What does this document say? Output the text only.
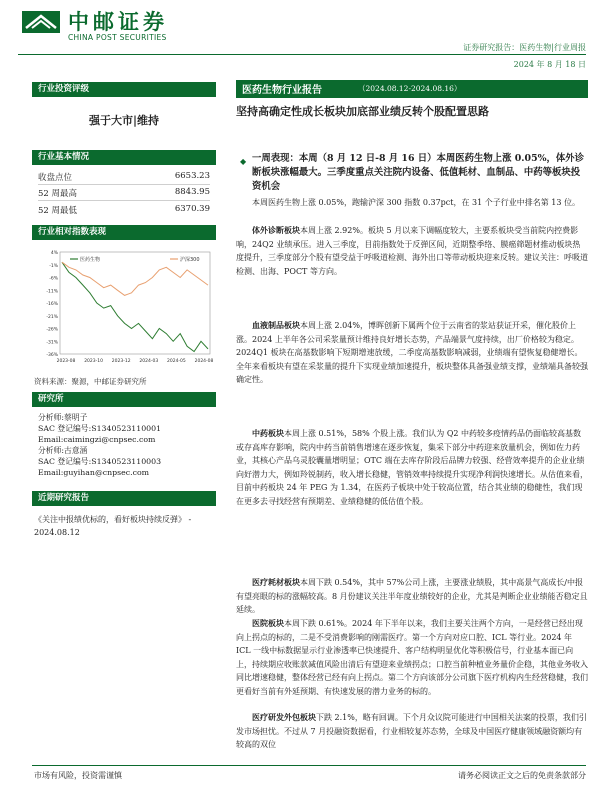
中邮证券
CHINA POST SECURITIES
证券研究报告：医药生物|行业周报
2024 年 8 月 18 日
行业投资评级
强于大市|维持
行业基本情况
收盘点位	6653.23
52 周最高	8843.95
52 周最低	6370.39
行业相对指数表现
4%
-1%
-6%
-11%
-16%
-21%
-26%
-31%
-36%
2023-08 2023-10 2023-12 2024-03 2024-05 2024-08
医药生物	沪深300
资料来源：聚源，中邮证券研究所
研究所
分析师:蔡明子
SAC 登记编号:S1340523110001
Email:caimingzi@cnpsec.com
分析师:古意涵
SAC 登记编号:S1340523110003
Email:guyihan@cnpsec.com
近期研究报告
《关注中报绩优标的，看好板块持续反弹》 - 2024.08.12
医药生物行业报告	（2024.08.12-2024.08.16）
坚持高确定性成长板块加底部业绩反转个股配置思路
◆ 一周表现：本周（8 月 12 日-8 月 16 日）本周医药生物上涨 0.05%，体外诊断板块涨幅最大。三季度重点关注院内设备、低值耗材、血制品、中药等板块投资机会
本周医药生物上涨 0.05%，跑输沪深 300 指数 0.37pct，在 31 个子行业中排名第 13 位。
体外诊断板块本周上涨 2.92%。板块 5 月以来下调幅度较大，主要系板块受当前院内控费影响，24Q2 业绩承压。进入三季度，目前指数处于反弹区间，近期整季络、膜癌筛题材推动板块热度提升，三季度部分个股有望受益于呼吸道检测、海外出口等带动板块迎来反转。建议关注：呼吸道检测、出海、POCT 等方向。
血液制品板块本周上涨 2.04%，博晖创新下属两个位于云南省的浆站获证开采，催化股价上涨。2024 上半年各公司采浆量预计维持良好增长态势，产品端景气度持续，出厂价格较为稳定。2024Q1 板块在高基数影响下短期增速放缓，二季度高基数影响减弱，业绩端有望恢复稳健增长。全年来看板块有望在采浆量的提升下实现业绩加速提升，板块整体具备强业绩支撑，业绩端具备较强确定性。
中药板块本周上涨 0.51%，58% 个股上涨。我们认为 Q2 中药较多疫情药品仍面临较高基数或存高库存影响，院内中药当前销售增速在逐步恢复，集采下部分中药迎来放量机会，例如佐力药业，其核心产品乌灵胶囊量增明显；OTC 端在去库存阶段后品牌力较强、经营效率提升的企业业绩向好潜力大，例如羚锐制药，收入增长稳健，管销效率持续提升实现净利润快速增长。从估值来看，目前中药板块 24 年 PEG 为 1.34，在医药子板块中处于较高位置，结合其业绩的稳健性，我们现在更多去寻找经营有预期差、业绩稳健的低估值个股。
医疗耗材板块本周下跌 0.54%，其中 57%公司上涨，主要涨业绩股，其中高景气高成长/中报有望亮眼的标的涨幅较高。8 月份建议关注半年度业绩较好的企业，尤其是判断企业业绩能否稳定且延续。
医院板块本周下跌 0.61%。2024 年下半年以来，我们主要关注两个方向，一是经营已经出现向上拐点的标的，二是不受消费影响的刚需医疗。第一个方向对应口腔、ICL 等行业。2024 年 ICL 一线中标数据显示行业渗透率已快速提升、客户结构明显优化等积极信号，行业基本面已向上，持续期应收账款减值风险出清后有望迎来业绩拐点；口腔当前种植业务量价企稳，其他业务收入同比增速稳健，整体经营已经有向上拐点。第二个方向该部分公司旗下医疗机构内生经营稳健，我们更看好当前有外延预期、有快速发展的潜力业务的标的。
医疗研发外包板块下跌 2.1%，略有回调。下个月众议院可能进行中国相关法案的投票，我们引发市场担忧。不过从 7 月投融资数据看，行业相较复苏态势，全球及中国医疗健康领域融资额均有较高的双位
市场有风险，投资需谨慎	请务必阅读正文之后的免责条款部分
